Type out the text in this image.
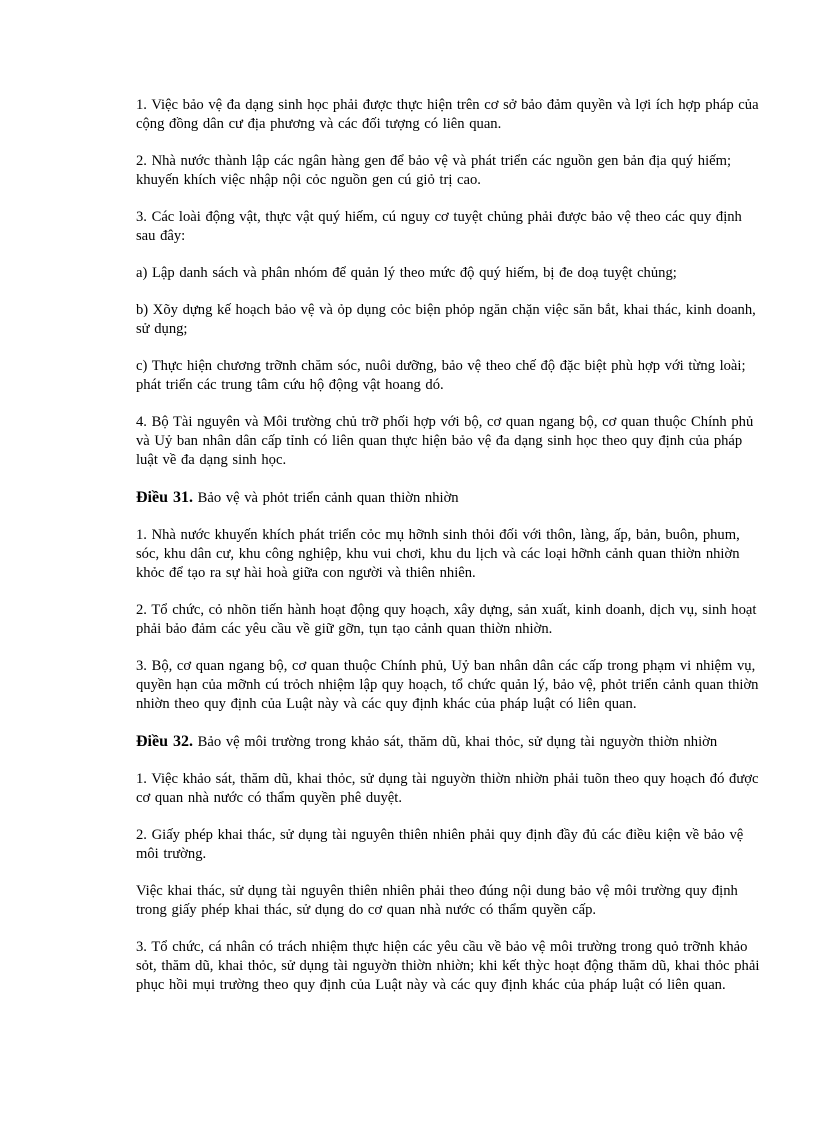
1. Việc bảo vệ đa dạng sinh học phải được thực hiện trên cơ sở bảo đảm quyền và lợi ích hợp pháp của cộng đồng dân cư địa phương và các đối tượng có liên quan.

2. Nhà nước thành lập các ngân hàng gen để bảo vệ và phát triển các nguồn gen bản địa quý hiếm; khuyến khích việc nhập nội cỏc nguồn gen cú giỏ trị cao.

3. Các loài động vật, thực vật quý hiếm, cú nguy cơ tuyệt chủng phải được bảo vệ theo các quy định sau đây:

a) Lập danh sách và phân nhóm để quản lý theo mức độ quý hiếm, bị đe doạ tuyệt chủng;

b) Xõy dựng kế hoạch bảo vệ và ỏp dụng cỏc biện phỏp ngăn chặn việc săn bắt, khai thác, kinh doanh, sử dụng;

c) Thực hiện chương trỡnh chăm sóc, nuôi dưỡng, bảo vệ theo chế độ đặc biệt phù hợp với từng loài; phát triển các trung tâm cứu hộ động vật hoang dó.

4. Bộ Tài nguyên và Môi trường chủ trỡ phối hợp với bộ, cơ quan ngang bộ, cơ quan thuộc Chính phủ và Uỷ ban nhân dân cấp tỉnh có liên quan thực hiện bảo vệ đa dạng sinh học theo quy định của pháp luật về đa dạng sinh học.

Điều 31. Bảo vệ và phỏt triển cảnh quan thiờn nhiờn

1. Nhà nước khuyến khích phát triển cỏc mụ hỡnh sinh thỏi đối với thôn, làng, ấp, bản, buôn, phum, sóc, khu dân cư, khu công nghiệp, khu vui chơi, khu du lịch và các loại hỡnh cảnh quan thiờn nhiờn khỏc để tạo ra sự hài hoà giữa con người và thiên nhiên.

2. Tổ chức, cỏ nhõn tiến hành hoạt động quy hoạch, xây dựng, sản xuất, kinh doanh, dịch vụ, sinh hoạt phải bảo đảm các yêu cầu về giữ gỡn, tụn tạo cảnh quan thiờn nhiờn.

3. Bộ, cơ quan ngang bộ, cơ quan thuộc Chính phủ, Uỷ ban nhân dân các cấp trong phạm vi nhiệm vụ, quyền hạn của mỡnh cú trỏch nhiệm lập quy hoạch, tổ chức quản lý, bảo vệ, phỏt triển cảnh quan thiờn nhiờn theo quy định của Luật này và các quy định khác của pháp luật có liên quan.

Điều 32. Bảo vệ môi trường trong khảo sát, thăm dũ, khai thỏc, sử dụng tài nguyờn thiờn nhiờn

1. Việc khảo sát, thăm dũ, khai thỏc, sử dụng tài nguyờn thiờn nhiờn phải tuõn theo quy hoạch đó được cơ quan nhà nước có thẩm quyền phê duyệt.

2. Giấy phép khai thác, sử dụng tài nguyên thiên nhiên phải quy định đầy đủ các điều kiện về bảo vệ môi trường.

Việc khai thác, sử dụng tài nguyên thiên nhiên phải theo đúng nội dung bảo vệ môi trường quy định trong giấy phép khai thác, sử dụng do cơ quan nhà nước có thẩm quyền cấp.

3. Tổ chức, cá nhân có trách nhiệm thực hiện các yêu cầu về bảo vệ môi trường trong quỏ trỡnh khảo sỏt, thăm dũ, khai thỏc, sử dụng tài nguyờn thiờn nhiờn; khi kết thỳc hoạt động thăm dũ, khai thỏc phải phục hồi mụi trường theo quy định của Luật này và các quy định khác của pháp luật có liên quan.
